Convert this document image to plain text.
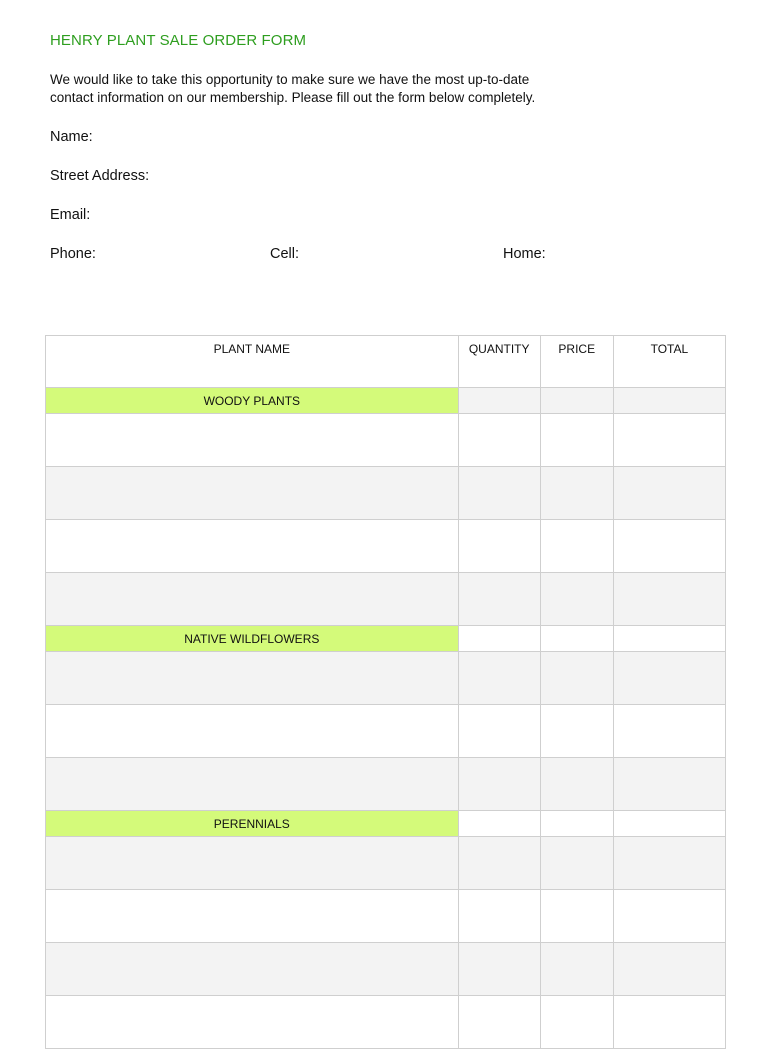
HENRY PLANT SALE ORDER FORM
We would like to take this opportunity to make sure we have the most up-to-date
contact information on our membership. Please fill out the form below completely.
Name:
Street Address:
Email:
Phone:	Cell:	Home:
PLANT NAME	QUANTITY	PRICE	TOTAL
WOODY PLANTS			

NATIVE WILDFLOWERS			

PERENNIALS			
